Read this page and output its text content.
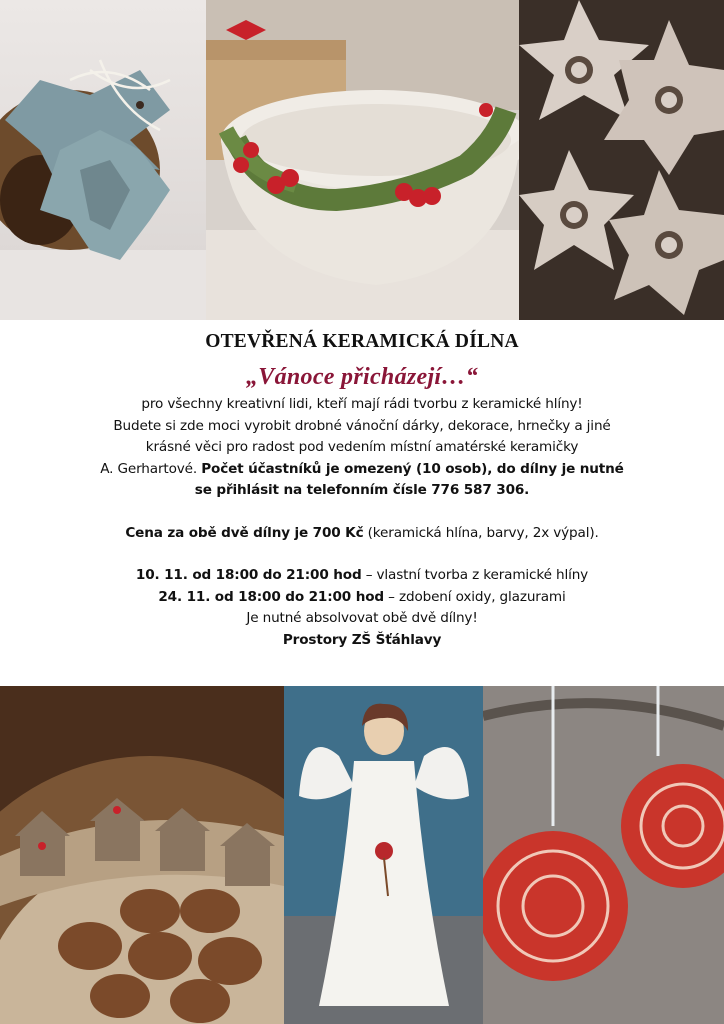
OTEVŘENÁ KERAMICKÁ DÍLNA
„Vánoce přicházejí…“

pro všechny kreativní lidi, kteří mají rádi tvorbu z keramické hlíny!

Budete si zde moci vyrobit drobné vánoční dárky, dekorace, hrnečky a jiné

krásné věci pro radost pod vedením místní amatérské keramičky

A. Gerhartové. Počet účastníků je omezený (10 osob), do dílny je nutné

se přihlásit na telefonním čísle 776 587 306.

Cena za obě dvě dílny je 700 Kč (keramická hlína, barvy, 2x výpal).

10. 11. od 18:00 do 21:00 hod – vlastní tvorba z keramické hlíny

24. 11. od 18:00 do 21:00 hod – zdobení oxidy, glazurami

Je nutné absolvovat obě dvě dílny!

Prostory ZŠ Šťáhlavy
